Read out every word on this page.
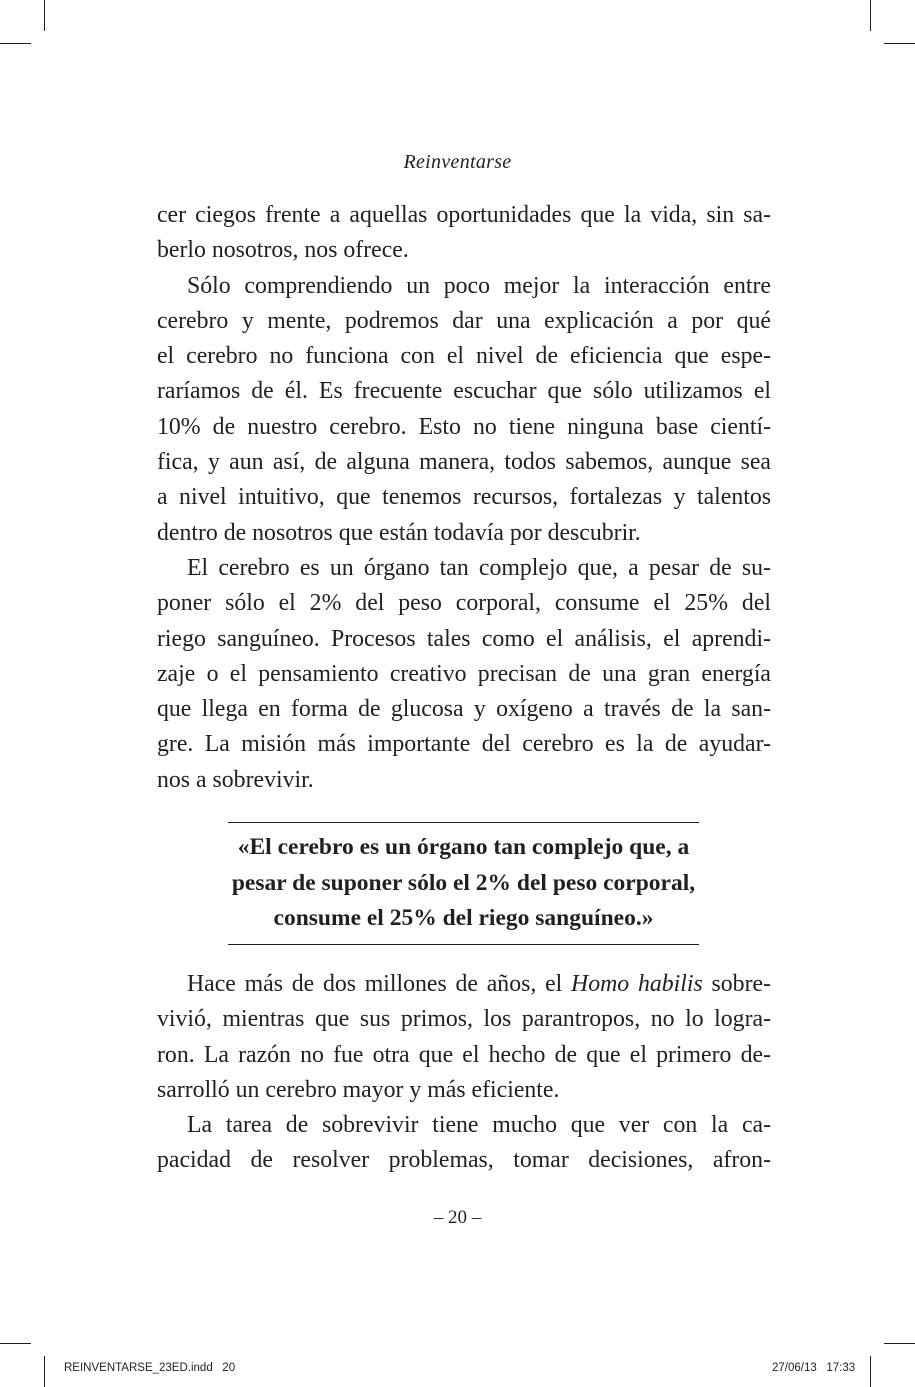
Reinventarse
cer ciegos frente a aquellas oportunidades que la vida, sin sa-
berlo nosotros, nos ofrece.
Sólo comprendiendo un poco mejor la interacción entre
cerebro y mente, podremos dar una explicación a por qué
el cerebro no funciona con el nivel de eficiencia que espe-
raríamos de él. Es frecuente escuchar que sólo utilizamos el
10% de nuestro cerebro. Esto no tiene ninguna base cientí-
fica, y aun así, de alguna manera, todos sabemos, aunque sea
a nivel intuitivo, que tenemos recursos, fortalezas y talentos
dentro de nosotros que están todavía por descubrir.
El cerebro es un órgano tan complejo que, a pesar de su-
poner sólo el 2% del peso corporal, consume el 25% del
riego sanguíneo. Procesos tales como el análisis, el aprendi-
zaje o el pensamiento creativo precisan de una gran energía
que llega en forma de glucosa y oxígeno a través de la san-
gre. La misión más importante del cerebro es la de ayudar-
nos a sobrevivir.
«El cerebro es un órgano tan complejo que, a
pesar de suponer sólo el 2% del peso corporal,
consume el 25% del riego sanguíneo.»
Hace más de dos millones de años, el Homo habilis sobre-
vivió, mientras que sus primos, los parantropos, no lo logra-
ron. La razón no fue otra que el hecho de que el primero de-
sarrolló un cerebro mayor y más eficiente.
La tarea de sobrevivir tiene mucho que ver con la ca-
pacidad de resolver problemas, tomar decisiones, afron-
– 20 –
REINVENTARSE_23ED.indd   20	27/06/13   17:33
